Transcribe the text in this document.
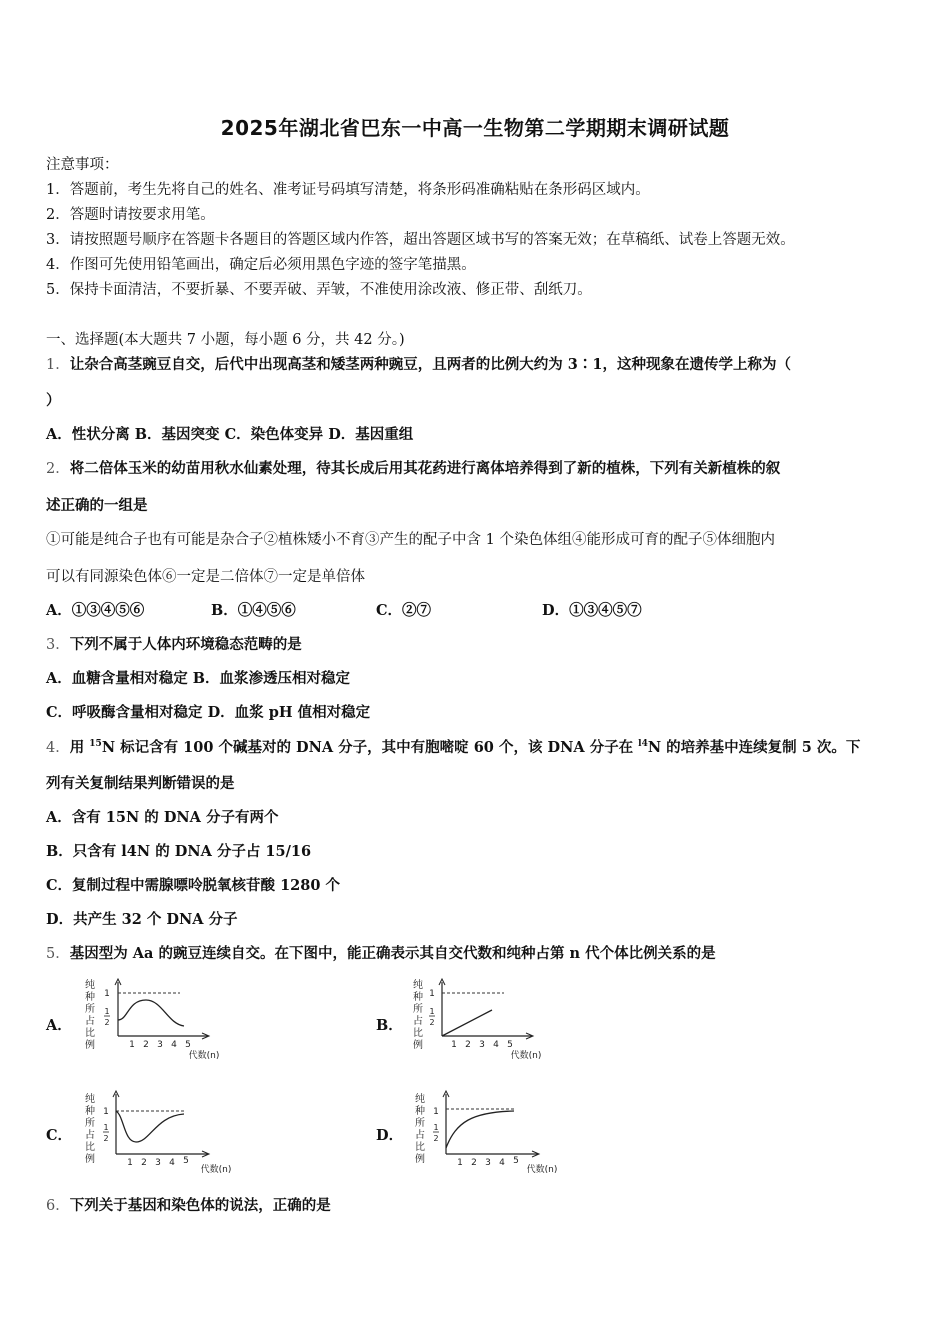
2025年湖北省巴东一中高一生物第二学期期末调研试题
注意事项：
1．答题前，考生先将自己的姓名、准考证号码填写清楚，将条形码准确粘贴在条形码区域内。
2．答题时请按要求用笔。
3．请按照题号顺序在答题卡各题目的答题区域内作答，超出答题区域书写的答案无效；在草稿纸、试卷上答题无效。
4．作图可先使用铅笔画出，确定后必须用黑色字迹的签字笔描黑。
5．保持卡面清洁，不要折暴、不要弄破、弄皱，不准使用涂改液、修正带、刮纸刀。
一、选择题(本大题共 7 小题，每小题 6 分，共 42 分。)
1．让杂合高茎豌豆自交，后代中出现高茎和矮茎两种豌豆，且两者的比例大约为 3∶1，这种现象在遗传学上称为（
）
A．性状分离 B．基因突变 C．染色体变异 D．基因重组
2．将二倍体玉米的幼苗用秋水仙素处理，待其长成后用其花药进行离体培养得到了新的植株，下列有关新植株的叙
述正确的一组是
①可能是纯合子也有可能是杂合子②植株矮小不育③产生的配子中含 1 个染色体组④能形成可育的配子⑤体细胞内
可以有同源染色体⑥一定是二倍体⑦一定是单倍体
A．①③④⑤⑥	B．①④⑤⑥	C．②⑦	D．①③④⑤⑦
3．下列不属于人体内环境稳态范畴的是
A．血糖含量相对稳定 B．血浆渗透压相对稳定
C．呼吸酶含量相对稳定 D．血浆 pH 值相对稳定
4．用 $^{15}$N 标记含有 100 个碱基对的 DNA 分子，其中有胞嘧啶 60 个，该 DNA 分子在 $^{l4}$N 的培养基中连续复制 5 次。下
列有关复制结果判断错误的是
A．含有 15N 的 DNA 分子有两个
B．只含有 l4N 的 DNA 分子占 15/16
C．复制过程中需腺嘌呤脱氧核苷酸 1280 个
D．共产生 32 个 DNA 分子
5．基因型为 Aa 的豌豆连续自交。在下图中，能正确表示其自交代数和纯种占第 n 代个体比例关系的是
A．	B．
C．	D．
纯
种
所
占
比
例
1
1
2
1 2 3 4 5
代数(n)
纯
种
所
占
比
例
1
1
2
1 2 3 4 5
代数(n)
纯
种
所
占
比
例
1
1
2
1 2 3 4 5
代数(n)
纯
种
所
占
比
例
1
1
2
1 2 3 4 5
代数(n)
6．下列关于基因和染色体的说法，正确的是
